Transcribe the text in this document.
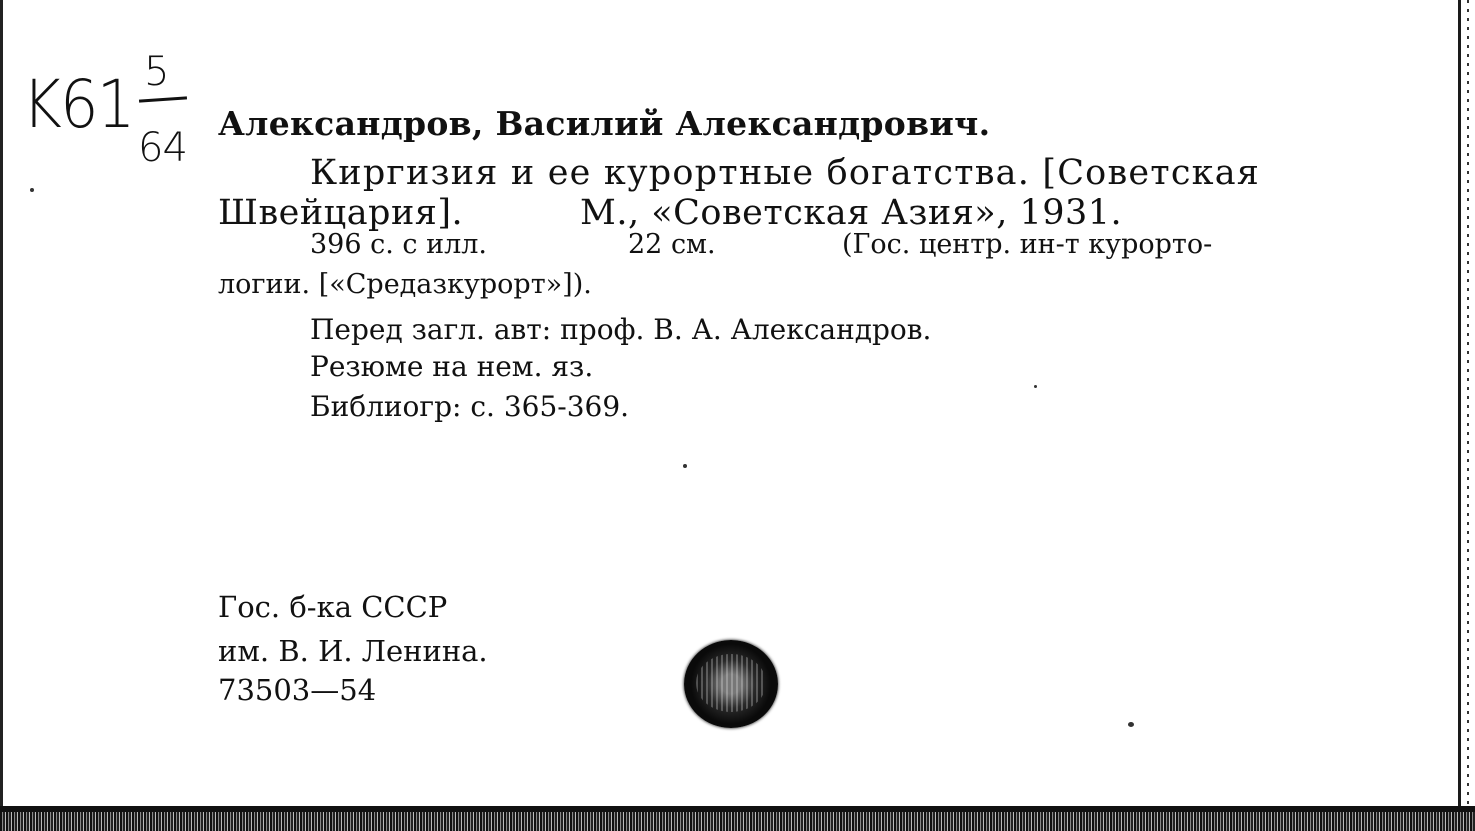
K61 5
64

Александров, Василий Александрович.

Киргизия и ее курортные богатства. [Советская

Швейцария].	М., «Советская Азия», 1931.

396 с. с илл.	22 см.	(Гос. центр. ин-т курорто-

логии. [«Средазкурорт»]).

Перед загл. авт: проф. В. А. Александров.

Резюме на нем. яз.

Библиогр: с. 365-369.

Гос. б-ка СССР

им. В. И. Ленина.

73503—54
